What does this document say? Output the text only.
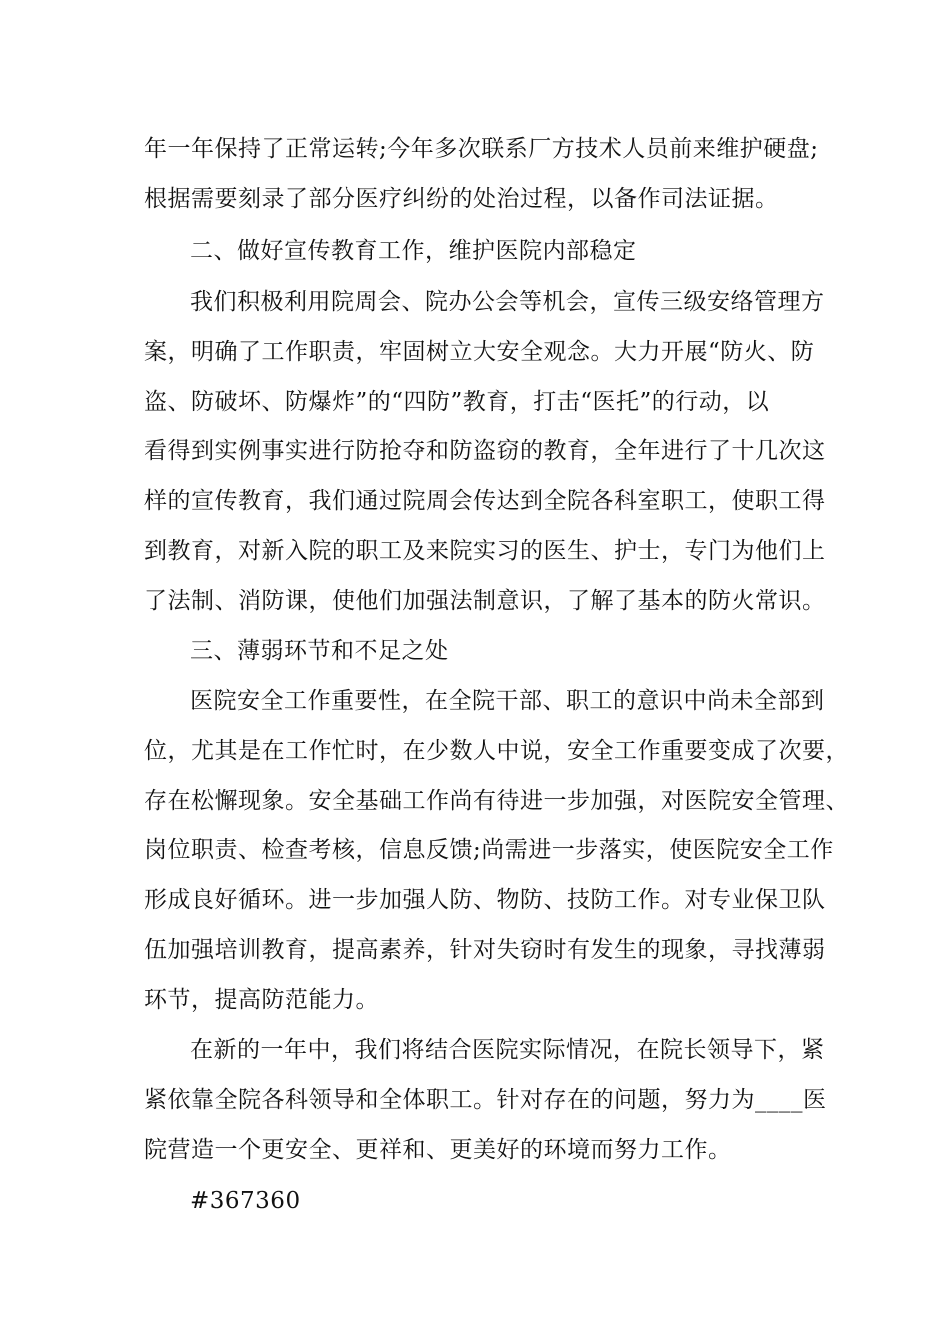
年一年保持了正常运转;今年多次联系厂方技术人员前来维护硬盘;
根据需要刻录了部分医疗纠纷的处治过程，以备作司法证据。
二、做好宣传教育工作，维护医院内部稳定
我们积极利用院周会、院办公会等机会，宣传三级安络管理方
案，明确了工作职责，牢固树立大安全观念。大力开展“防火、防
盗、防破坏、防爆炸”的“四防”教育，打击“医托”的行动，以
看得到实例事实进行防抢夺和防盗窃的教育，全年进行了十几次这
样的宣传教育，我们通过院周会传达到全院各科室职工，使职工得
到教育，对新入院的职工及来院实习的医生、护士，专门为他们上
了法制、消防课，使他们加强法制意识，了解了基本的防火常识。
三、薄弱环节和不足之处
医院安全工作重要性，在全院干部、职工的意识中尚未全部到
位，尤其是在工作忙时，在少数人中说，安全工作重要变成了次要，
存在松懈现象。安全基础工作尚有待进一步加强，对医院安全管理、
岗位职责、检查考核，信息反馈;尚需进一步落实，使医院安全工作
形成良好循环。进一步加强人防、物防、技防工作。对专业保卫队
伍加强培训教育，提高素养，针对失窃时有发生的现象，寻找薄弱
环节，提高防范能力。
在新的一年中，我们将结合医院实际情况，在院长领导下，紧
紧依靠全院各科领导和全体职工。针对存在的问题，努力为____医
院营造一个更安全、更祥和、更美好的环境而努力工作。
#367360
